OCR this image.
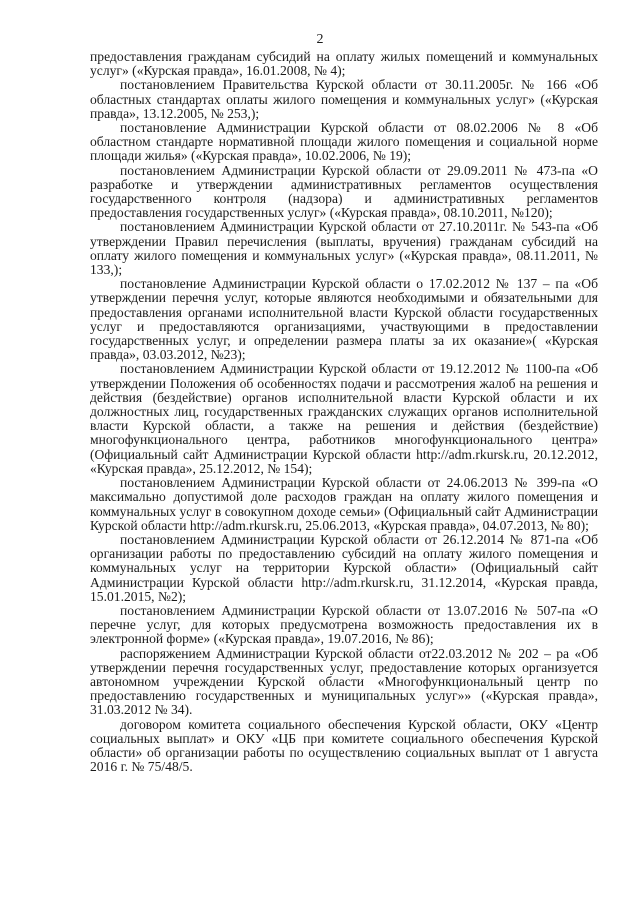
2

предоставления гражданам субсидий на оплату жилых помещений и коммунальных услуг» («Курская правда», 16.01.2008, № 4);

постановлением Правительства Курской области от 30.11.2005г. № 166 «Об областных стандартах оплаты жилого помещения и коммунальных услуг» («Курская правда», 13.12.2005, № 253,);

постановление Администрации Курской области от 08.02.2006 № 8 «Об областном стандарте нормативной площади жилого помещения и социальной норме площади жилья» («Курская правда», 10.02.2006, № 19);

постановлением Администрации Курской области от 29.09.2011 № 473-па «О разработке и утверждении административных регламентов осуществления государственного контроля (надзора) и административных регламентов предоставления государственных услуг» («Курская правда», 08.10.2011, №120);

постановлением Администрации Курской области от 27.10.2011г. № 543-па «Об утверждении Правил перечисления (выплаты, вручения) гражданам субсидий на оплату жилого помещения и коммунальных услуг» («Курская правда», 08.11.2011, № 133,);

постановление Администрации Курской области о 17.02.2012 № 137 – па «Об утверждении перечня услуг, которые являются необходимыми и обязательными для предоставления органами исполнительной власти Курской области государственных услуг и предоставляются организациями, участвующими в предоставлении государственных услуг, и определении размера платы за их оказание»( «Курская правда», 03.03.2012, №23);

постановлением Администрации Курской области от 19.12.2012 № 1100-па «Об утверждении Положения об особенностях подачи и рассмотрения жалоб на решения и действия (бездействие) органов исполнительной власти Курской области и их должностных лиц, государственных гражданских служащих органов исполнительной власти Курской области, а также на решения и действия (бездействие) многофункционального центра, работников многофункционального центра» (Официальный сайт Администрации Курской области http://adm.rkursk.ru, 20.12.2012, «Курская правда», 25.12.2012, № 154);

постановлением Администрации Курской области от 24.06.2013 № 399-па «О максимально допустимой доле расходов граждан на оплату жилого помещения и коммунальных услуг в совокупном доходе семьи» (Официальный сайт Администрации Курской области http://adm.rkursk.ru, 25.06.2013, «Курская правда», 04.07.2013, № 80);

постановлением Администрации Курской области от 26.12.2014 № 871-па «Об организации работы по предоставлению субсидий на оплату жилого помещения и коммунальных услуг на территории Курской области» (Официальный сайт Администрации Курской области http://adm.rkursk.ru, 31.12.2014, «Курская правда, 15.01.2015, №2);

постановлением Администрации Курской области от 13.07.2016 № 507-па «О перечне услуг, для которых предусмотрена возможность предоставления их в электронной форме» («Курская правда», 19.07.2016, № 86);

распоряжением Администрации Курской области от22.03.2012 № 202 – ра «Об утверждении перечня государственных услуг, предоставление которых организуется автономном учреждении Курской области «Многофункциональный центр по предоставлению государственных и муниципальных услуг»» («Курская правда», 31.03.2012 № 34).

договором комитета социального обеспечения Курской области, ОКУ «Центр социальных выплат» и ОКУ «ЦБ при комитете социального обеспечения Курской области» об организации работы по осуществлению социальных выплат от 1 августа 2016 г. № 75/48/5.
